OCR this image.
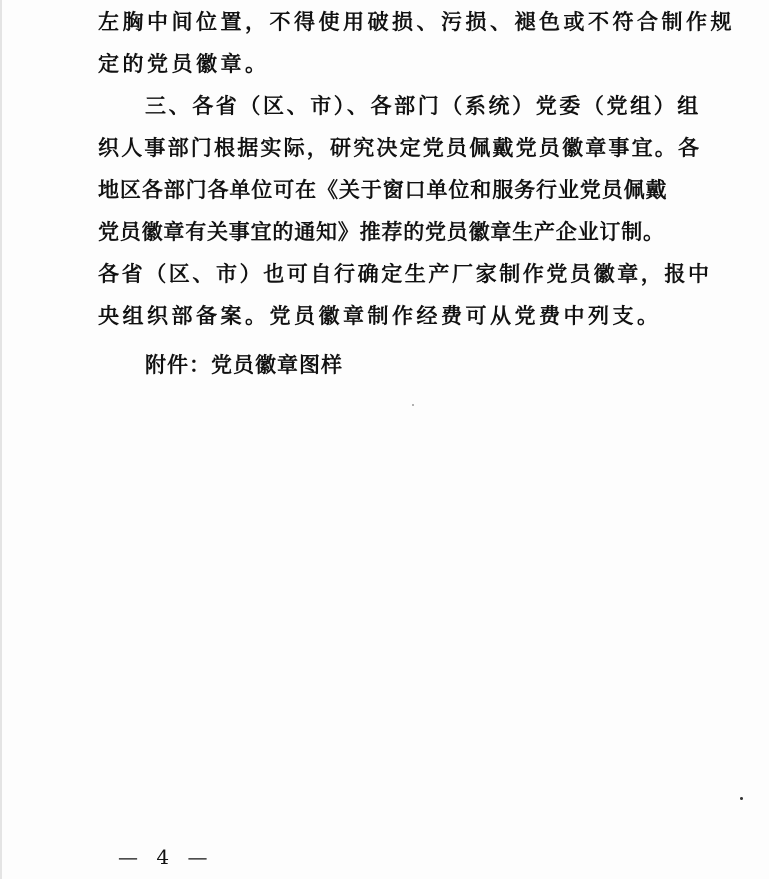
左胸中间位置，不得使用破损、污损、褪色或不符合制作规
定的党员徽章。
三、各省（区、市）、各部门（系统）党委（党组）组
织人事部门根据实际，研究决定党员佩戴党员徽章事宜。各
地区各部门各单位可在《关于窗口单位和服务行业党员佩戴
党员徽章有关事宜的通知》推荐的党员徽章生产企业订制。
各省（区、市）也可自行确定生产厂家制作党员徽章，报中
央组织部备案。党员徽章制作经费可从党费中列支。
附件：党员徽章图样
— 4 —
